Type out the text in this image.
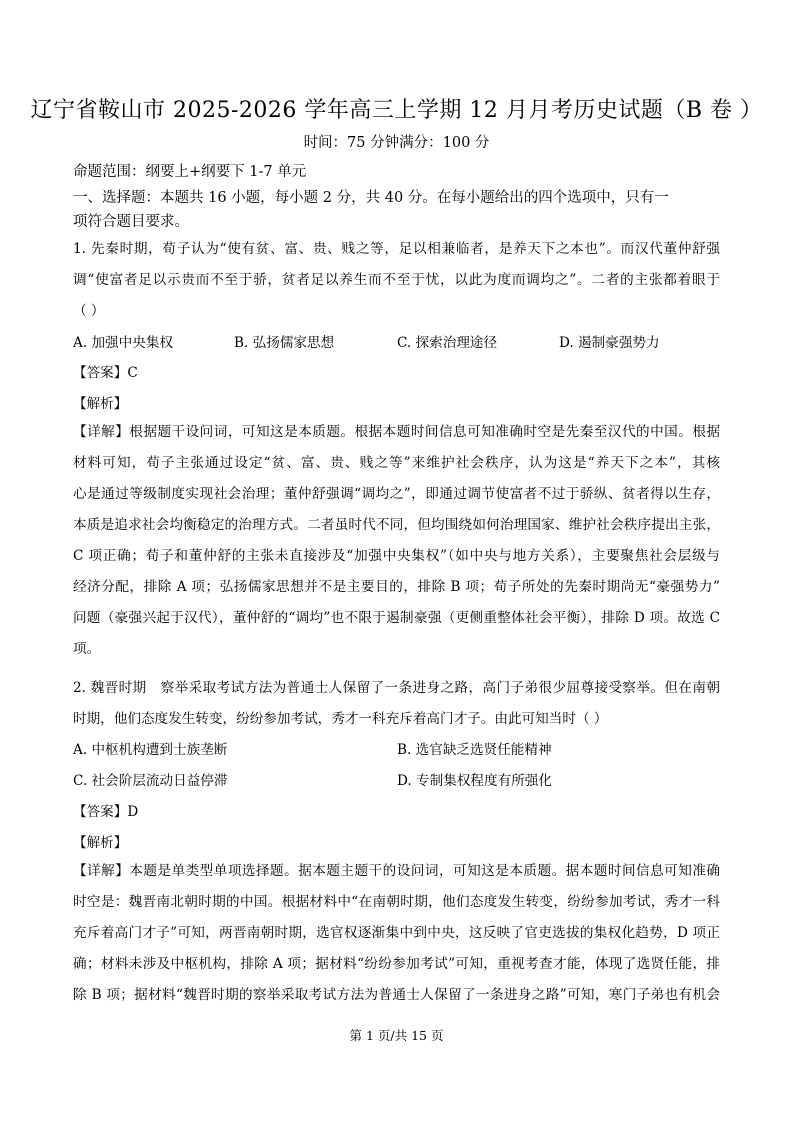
辽宁省鞍山市 2025-2026 学年高三上学期 12 月月考历史试题（B 卷 ）
时间：75 分钟满分：100 分
命题范围：纲要上+纲要下 1-7 单元
一、选择题：本题共 16 小题，每小题 2 分，共 40 分。在每小题给出的四个选项中，只有一
项符合题目要求。
1. 先秦时期，荀子认为“使有贫、富、贵、贱之等，足以相兼临者，是养天下之本也”。而汉代董仲舒强
调“使富者足以示贵而不至于骄，贫者足以养生而不至于忧，以此为度而调均之”。二者的主张都着眼于
（ ）
A. 加强中央集权	B. 弘扬儒家思想	C. 探索治理途径	D. 遏制豪强势力
【答案】C
【解析】
【详解】根据题干设问词，可知这是本质题。根据本题时间信息可知准确时空是先秦至汉代的中国。根据
材料可知，荀子主张通过设定“贫、富、贵、贱之等”来维护社会秩序，认为这是“养天下之本”，其核
心是通过等级制度实现社会治理；董仲舒强调“调均之”，即通过调节使富者不过于骄纵、贫者得以生存，
本质是追求社会均衡稳定的治理方式。二者虽时代不同，但均围绕如何治理国家、维护社会秩序提出主张，
C 项正确；荀子和董仲舒的主张未直接涉及“加强中央集权”（如中央与地方关系），主要聚焦社会层级与
经济分配，排除 A 项；弘扬儒家思想并不是主要目的，排除 B 项；荀子所处的先秦时期尚无“豪强势力”
问题（豪强兴起于汉代），董仲舒的“调均”也不限于遏制豪强（更侧重整体社会平衡），排除 D 项。故选 C
项。
2. 魏晋时期　察举采取考试方法为普通士人保留了一条进身之路，高门子弟很少屈尊接受察举。但在南朝
时期，他们态度发生转变，纷纷参加考试，秀才一科充斥着高门才子。由此可知当时（ ）
A. 中枢机构遭到士族垄断	B. 选官缺乏选贤任能精神
C. 社会阶层流动日益停滞	D. 专制集权程度有所强化
【答案】D
【解析】
【详解】本题是单类型单项选择题。据本题主题干的设问词，可知这是本质题。据本题时间信息可知准确
时空是：魏晋南北朝时期的中国。根据材料中“在南朝时期，他们态度发生转变，纷纷参加考试，秀才一科
充斥着高门才子”可知，两晋南朝时期，选官权逐渐集中到中央，这反映了官吏选拔的集权化趋势，D 项正
确；材料未涉及中枢机构，排除 A 项；据材料“纷纷参加考试”可知，重视考查才能，体现了选贤任能，排
除 B 项；据材料“魏晋时期的察举采取考试方法为普通士人保留了一条进身之路”可知，寒门子弟也有机会
第 1 页/共 15 页
